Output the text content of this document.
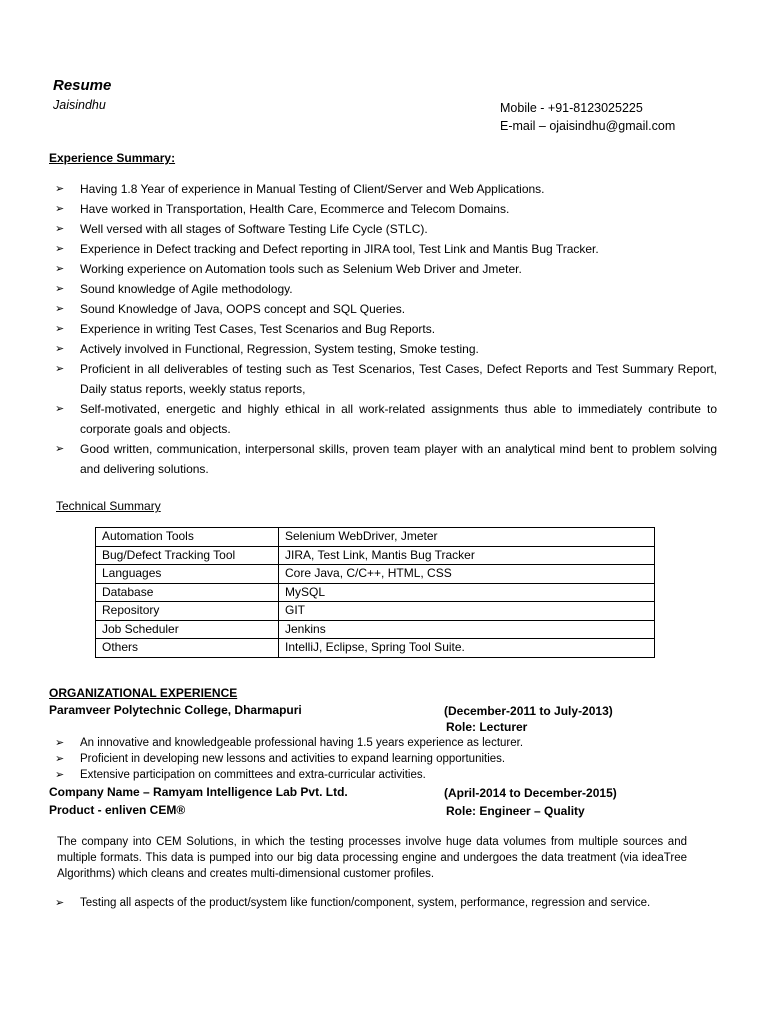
Resume
Jaisindhu	Mobile - +91-8123025225
E-mail – ojaisindhu@gmail.com
Experience Summary:
➢ Having 1.8 Year of experience in Manual Testing of Client/Server and Web Applications.
➢ Have worked in Transportation, Health Care, Ecommerce and Telecom Domains.
➢ Well versed with all stages of Software Testing Life Cycle (STLC).
➢ Experience in Defect tracking and Defect reporting in JIRA tool, Test Link and Mantis Bug Tracker.
➢ Working experience on Automation tools such as Selenium Web Driver and Jmeter.
➢ Sound knowledge of Agile methodology.
➢ Sound Knowledge of Java, OOPS concept and SQL Queries.
➢ Experience in writing Test Cases, Test Scenarios and Bug Reports.
➢ Actively involved in Functional, Regression, System testing, Smoke testing.
➢ Proficient in all deliverables of testing such as Test Scenarios, Test Cases, Defect Reports and Test Summary Report, Daily status reports, weekly status reports,
➢ Self-motivated, energetic and highly ethical in all work-related assignments thus able to immediately contribute to corporate goals and objects.
➢ Good written, communication, interpersonal skills, proven team player with an analytical mind bent to problem solving and delivering solutions.
Technical Summary
Automation Tools	Selenium WebDriver, Jmeter
Bug/Defect Tracking Tool	JIRA, Test Link, Mantis Bug Tracker
Languages	Core Java, C/C++, HTML, CSS
Database	MySQL
Repository	GIT
Job Scheduler	Jenkins
Others	IntelliJ, Eclipse, Spring Tool Suite.
ORGANIZATIONAL EXPERIENCE
Paramveer Polytechnic College, Dharmapuri	(December-2011 to July-2013)
Role: Lecturer
➢ An innovative and knowledgeable professional having 1.5 years experience as lecturer.
➢ Proficient in developing new lessons and activities to expand learning opportunities.
➢ Extensive participation on committees and extra-curricular activities.
Company Name – Ramyam Intelligence Lab Pvt. Ltd.	(April-2014 to December-2015)
Product - enliven CEM®	Role: Engineer – Quality
The company into CEM Solutions, in which the testing processes involve huge data volumes from multiple sources and multiple formats. This data is pumped into our big data processing engine and undergoes the data treatment (via ideaTree Algorithms) which cleans and creates multi-dimensional customer profiles.
➢ Testing all aspects of the product/system like function/component, system, performance, regression and service.
